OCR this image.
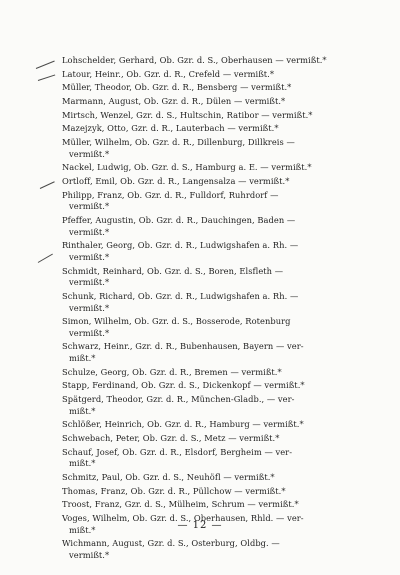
Lohschelder, Gerhard, Ob. Gzr. d. S., Oberhausen — vermißt.*
Latour, Heinr., Ob. Gzr. d. R., Crefeld — vermißt.*
Müller, Theodor, Ob. Gzr. d. R., Bensberg — vermißt.*
Marmann, August, Ob. Gzr. d. R., Dülen — vermißt.*
Mirtsch, Wenzel, Gzr. d. S., Hultschin, Ratibor — vermißt.*
Mazejzyk, Otto, Gzr. d. R., Lauterbach — vermißt.*
Müller, Wilhelm, Ob. Gzr. d. R., Dillenburg, Dillkreis —
vermißt.*
Nackel, Ludwig, Ob. Gzr. d. S., Hamburg a. E. — vermißt.*
Ortloff, Emil, Ob. Gzr. d. R., Langensalza — vermißt.*
Philipp, Franz, Ob. Gzr. d. R., Fulldorf, Ruhrdorf —
vermißt.*
Pfeffer, Augustin, Ob. Gzr. d. R., Dauchingen, Baden —
vermißt.*
Rinthaler, Georg, Ob. Gzr. d. R., Ludwigshafen a. Rh. —
vermißt.*
Schmidt, Reinhard, Ob. Gzr. d. S., Boren, Elsfleth —
vermißt.*
Schunk, Richard, Ob. Gzr. d. R., Ludwigshafen a. Rh. —
vermißt.*
Simon, Wilhelm, Ob. Gzr. d. S., Bosserode, Rotenburg
vermißt.*
Schwarz, Heinr., Gzr. d. R., Bubenhausen, Bayern — ver-
mißt.*
Schulze, Georg, Ob. Gzr. d. R., Bremen — vermißt.*
Stapp, Ferdinand, Ob. Gzr. d. S., Dickenkopf — vermißt.*
Spätgerd, Theodor, Gzr. d. R., München-Gladb., — ver-
mißt.*
Schlößer, Heinrich, Ob. Gzr. d. R., Hamburg — vermißt.*
Schwebach, Peter, Ob. Gzr. d. S., Metz — vermißt.*
Schauf, Josef, Ob. Gzr. d. R., Elsdorf, Bergheim — ver-
mißt.*
Schmitz, Paul, Ob. Gzr. d. S., Neuhöfl — vermißt.*
Thomas, Franz, Ob. Gzr. d. R., Püllchow — vermißt.*
Troost, Franz, Gzr. d. S., Mülheim, Schrum — vermißt.*
Voges, Wilhelm, Ob. Gzr. d. S., Oberhausen, Rhld. — ver-
mißt.*
Wichmann, August, Gzr. d. S., Osterburg, Oldbg. —
vermißt.*
— 12 —
